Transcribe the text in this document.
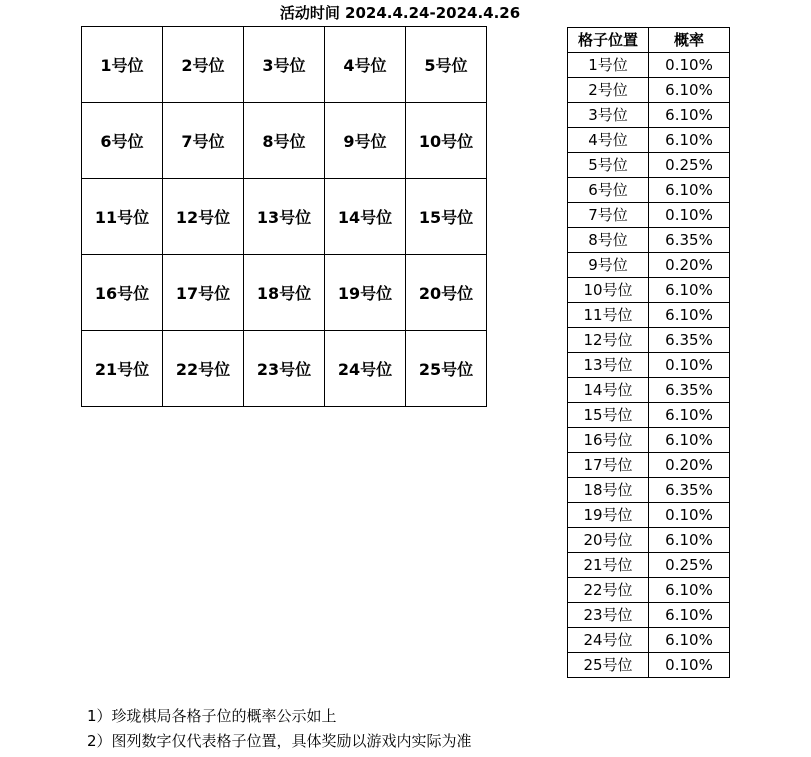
活动时间 2024.4.24-2024.4.26
1号位	2号位	3号位	4号位	5号位
6号位	7号位	8号位	9号位	10号位
11号位	12号位	13号位	14号位	15号位
16号位	17号位	18号位	19号位	20号位
21号位	22号位	23号位	24号位	25号位
格子位置	概率
1号位	0.10%
2号位	6.10%
3号位	6.10%
4号位	6.10%
5号位	0.25%
6号位	6.10%
7号位	0.10%
8号位	6.35%
9号位	0.20%
10号位	6.10%
11号位	6.10%
12号位	6.35%
13号位	0.10%
14号位	6.35%
15号位	6.10%
16号位	6.10%
17号位	0.20%
18号位	6.35%
19号位	0.10%
20号位	6.10%
21号位	0.25%
22号位	6.10%
23号位	6.10%
24号位	6.10%
25号位	0.10%
1）珍珑棋局各格子位的概率公示如上
2）图列数字仅代表格子位置，具体奖励以游戏内实际为准
